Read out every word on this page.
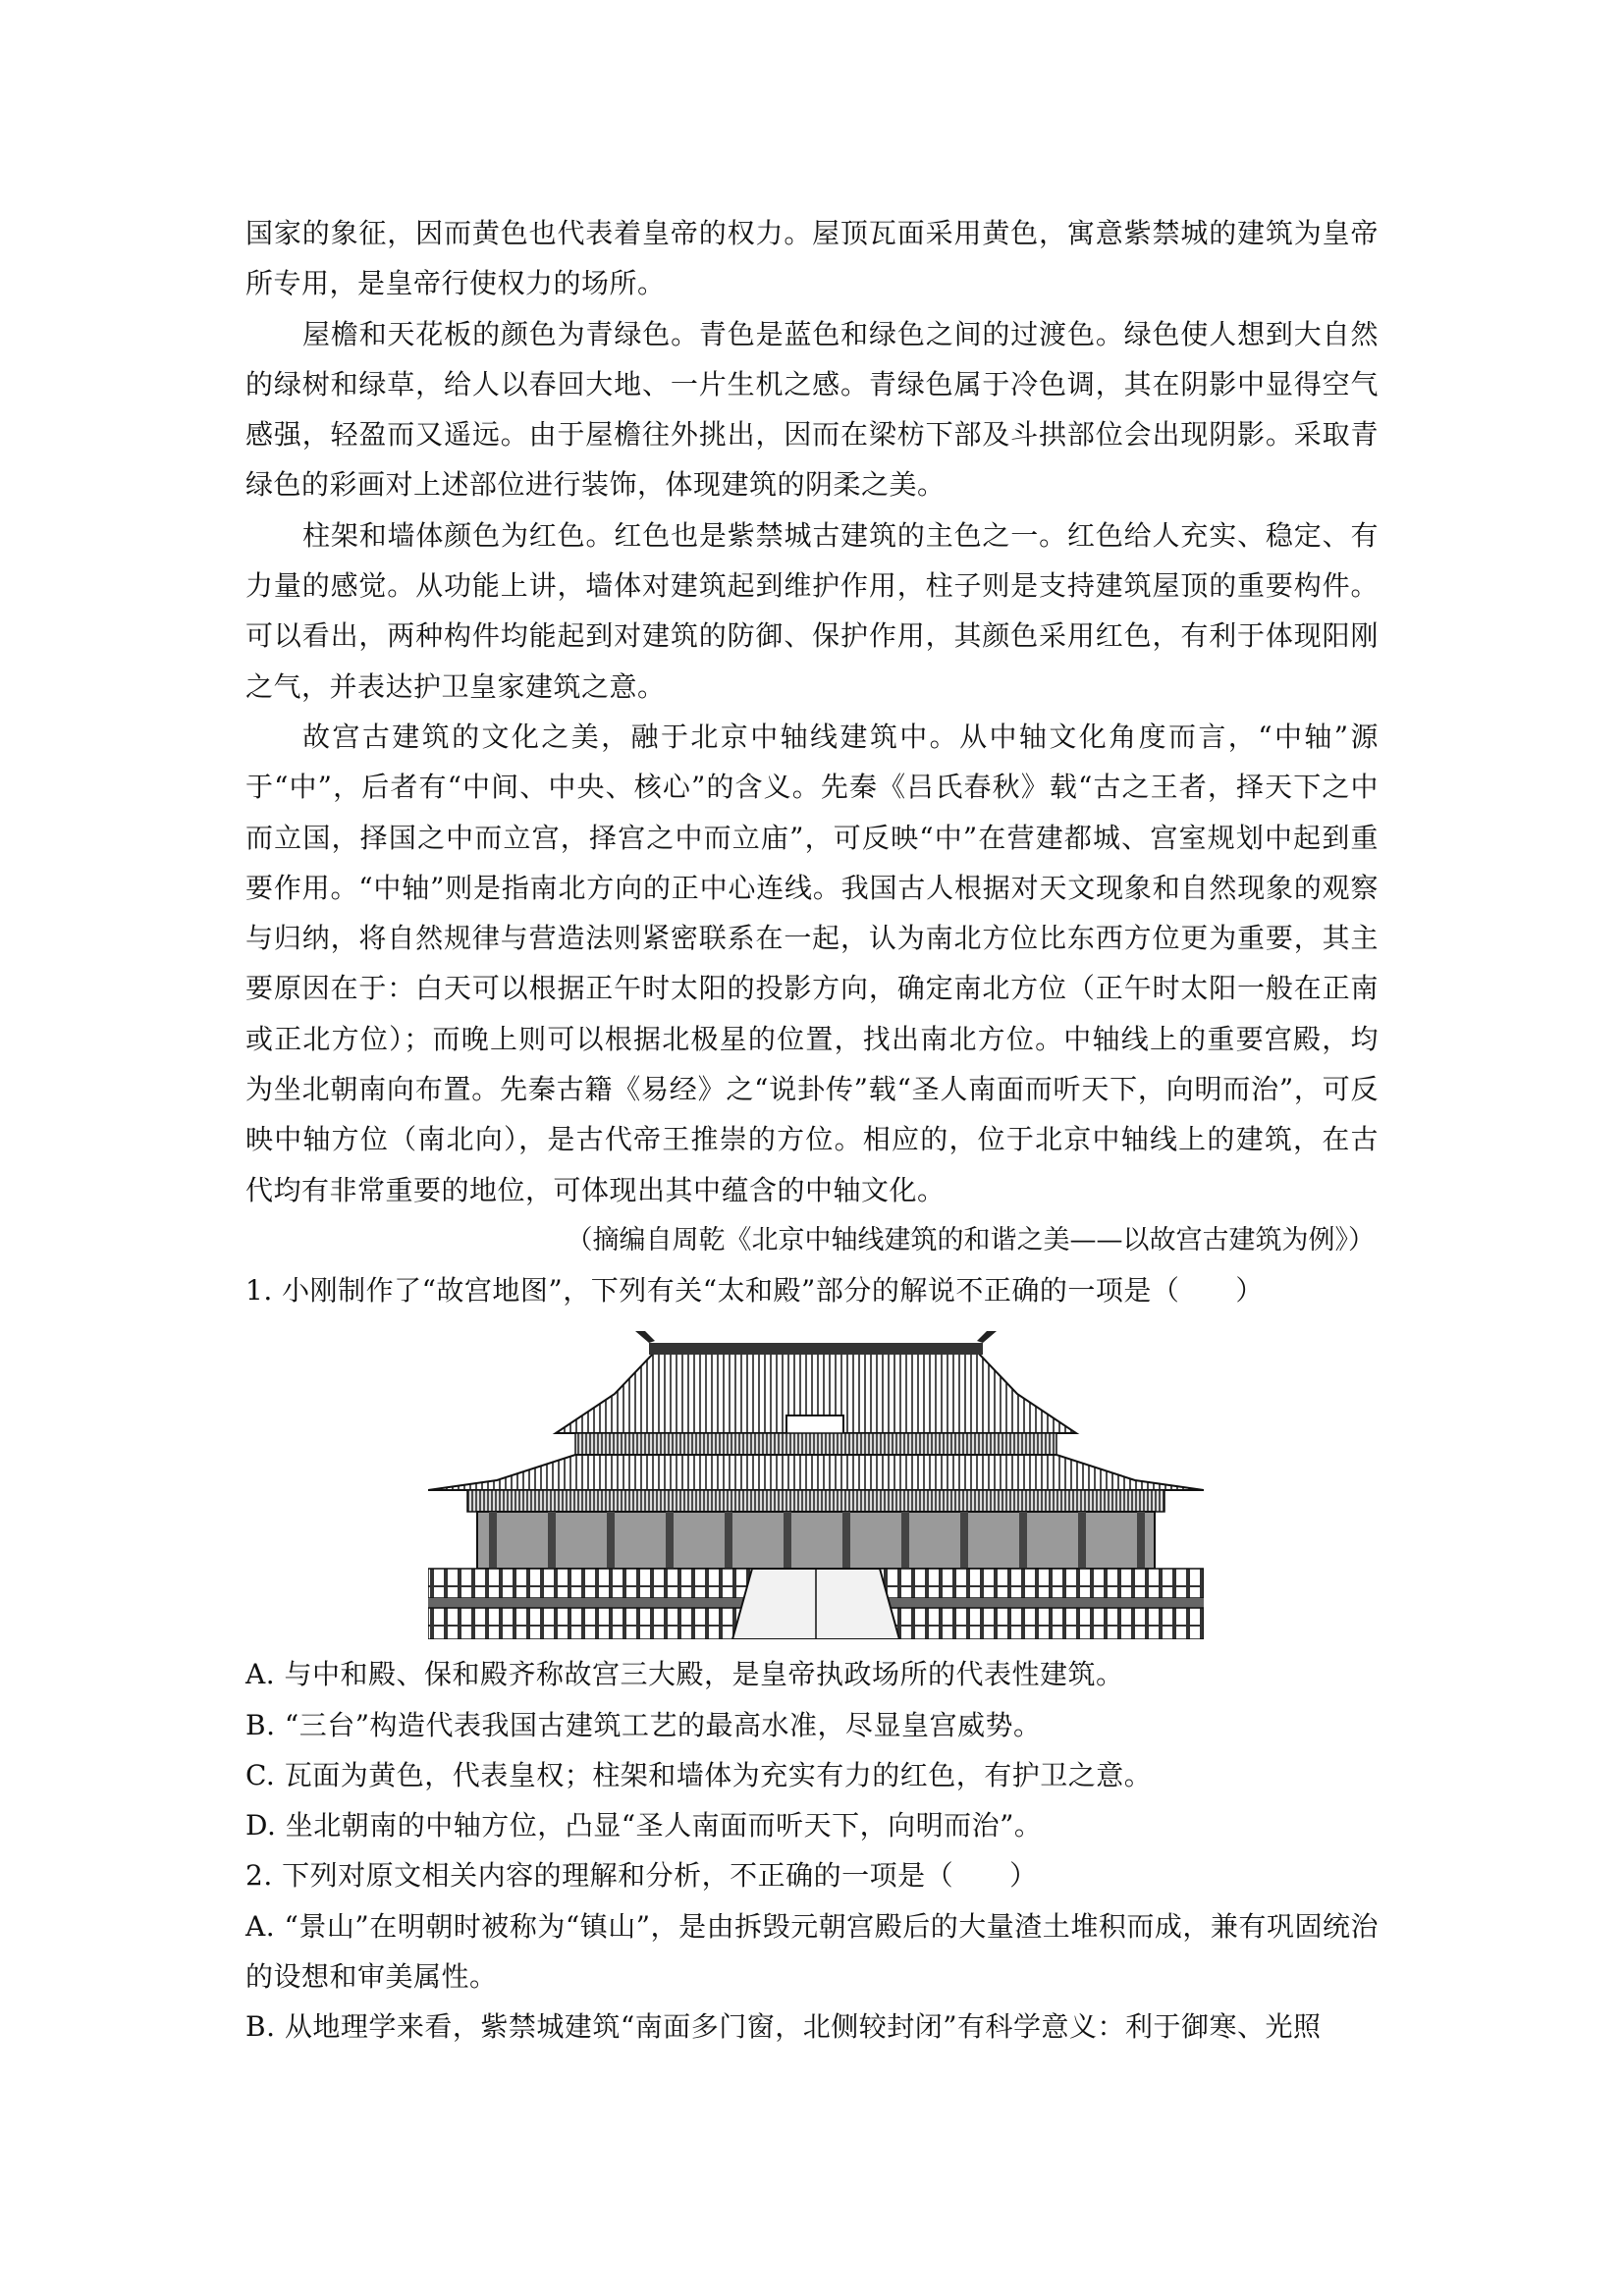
国家的象征，因而黄色也代表着皇帝的权力。屋顶瓦面采用黄色，寓意紫禁城的建筑为皇帝所专用，是皇帝行使权力的场所。

屋檐和天花板的颜色为青绿色。青色是蓝色和绿色之间的过渡色。绿色使人想到大自然的绿树和绿草，给人以春回大地、一片生机之感。青绿色属于冷色调，其在阴影中显得空气感强，轻盈而又遥远。由于屋檐往外挑出，因而在梁枋下部及斗拱部位会出现阴影。采取青绿色的彩画对上述部位进行装饰，体现建筑的阴柔之美。

柱架和墙体颜色为红色。红色也是紫禁城古建筑的主色之一。红色给人充实、稳定、有力量的感觉。从功能上讲，墙体对建筑起到维护作用，柱子则是支持建筑屋顶的重要构件。可以看出，两种构件均能起到对建筑的防御、保护作用，其颜色采用红色，有利于体现阳刚之气，并表达护卫皇家建筑之意。

故宫古建筑的文化之美，融于北京中轴线建筑中。从中轴文化角度而言，“中轴”源于“中”，后者有“中间、中央、核心”的含义。先秦《吕氏春秋》载“古之王者，择天下之中而立国，择国之中而立宫，择宫之中而立庙”，可反映“中”在营建都城、宫室规划中起到重要作用。“中轴”则是指南北方向的正中心连线。我国古人根据对天文现象和自然现象的观察与归纳，将自然规律与营造法则紧密联系在一起，认为南北方位比东西方位更为重要，其主要原因在于：白天可以根据正午时太阳的投影方向，确定南北方位（正午时太阳一般在正南或正北方位）；而晚上则可以根据北极星的位置，找出南北方位。中轴线上的重要宫殿，均为坐北朝南向布置。先秦古籍《易经》之“说卦传”载“圣人南面而听天下，向明而治”，可反映中轴方位（南北向），是古代帝王推崇的方位。相应的，位于北京中轴线上的建筑，在古代均有非常重要的地位，可体现出其中蕴含的中轴文化。

（摘编自周乾《北京中轴线建筑的和谐之美——以故宫古建筑为例》）

1. 小刚制作了“故宫地图”，下列有关“太和殿”部分的解说不正确的一项是（　　）

A. 与中和殿、保和殿齐称故宫三大殿，是皇帝执政场所的代表性建筑。

B. “三台”构造代表我国古建筑工艺的最高水准，尽显皇宫威势。

C. 瓦面为黄色，代表皇权；柱架和墙体为充实有力的红色，有护卫之意。

D. 坐北朝南的中轴方位，凸显“圣人南面而听天下，向明而治”。

2. 下列对原文相关内容的理解和分析，不正确的一项是（　　）

A. “景山”在明朝时被称为“镇山”，是由拆毁元朝宫殿后的大量渣土堆积而成，兼有巩固统治的设想和审美属性。

B. 从地理学来看，紫禁城建筑“南面多门窗，北侧较封闭”有科学意义：利于御寒、光照
